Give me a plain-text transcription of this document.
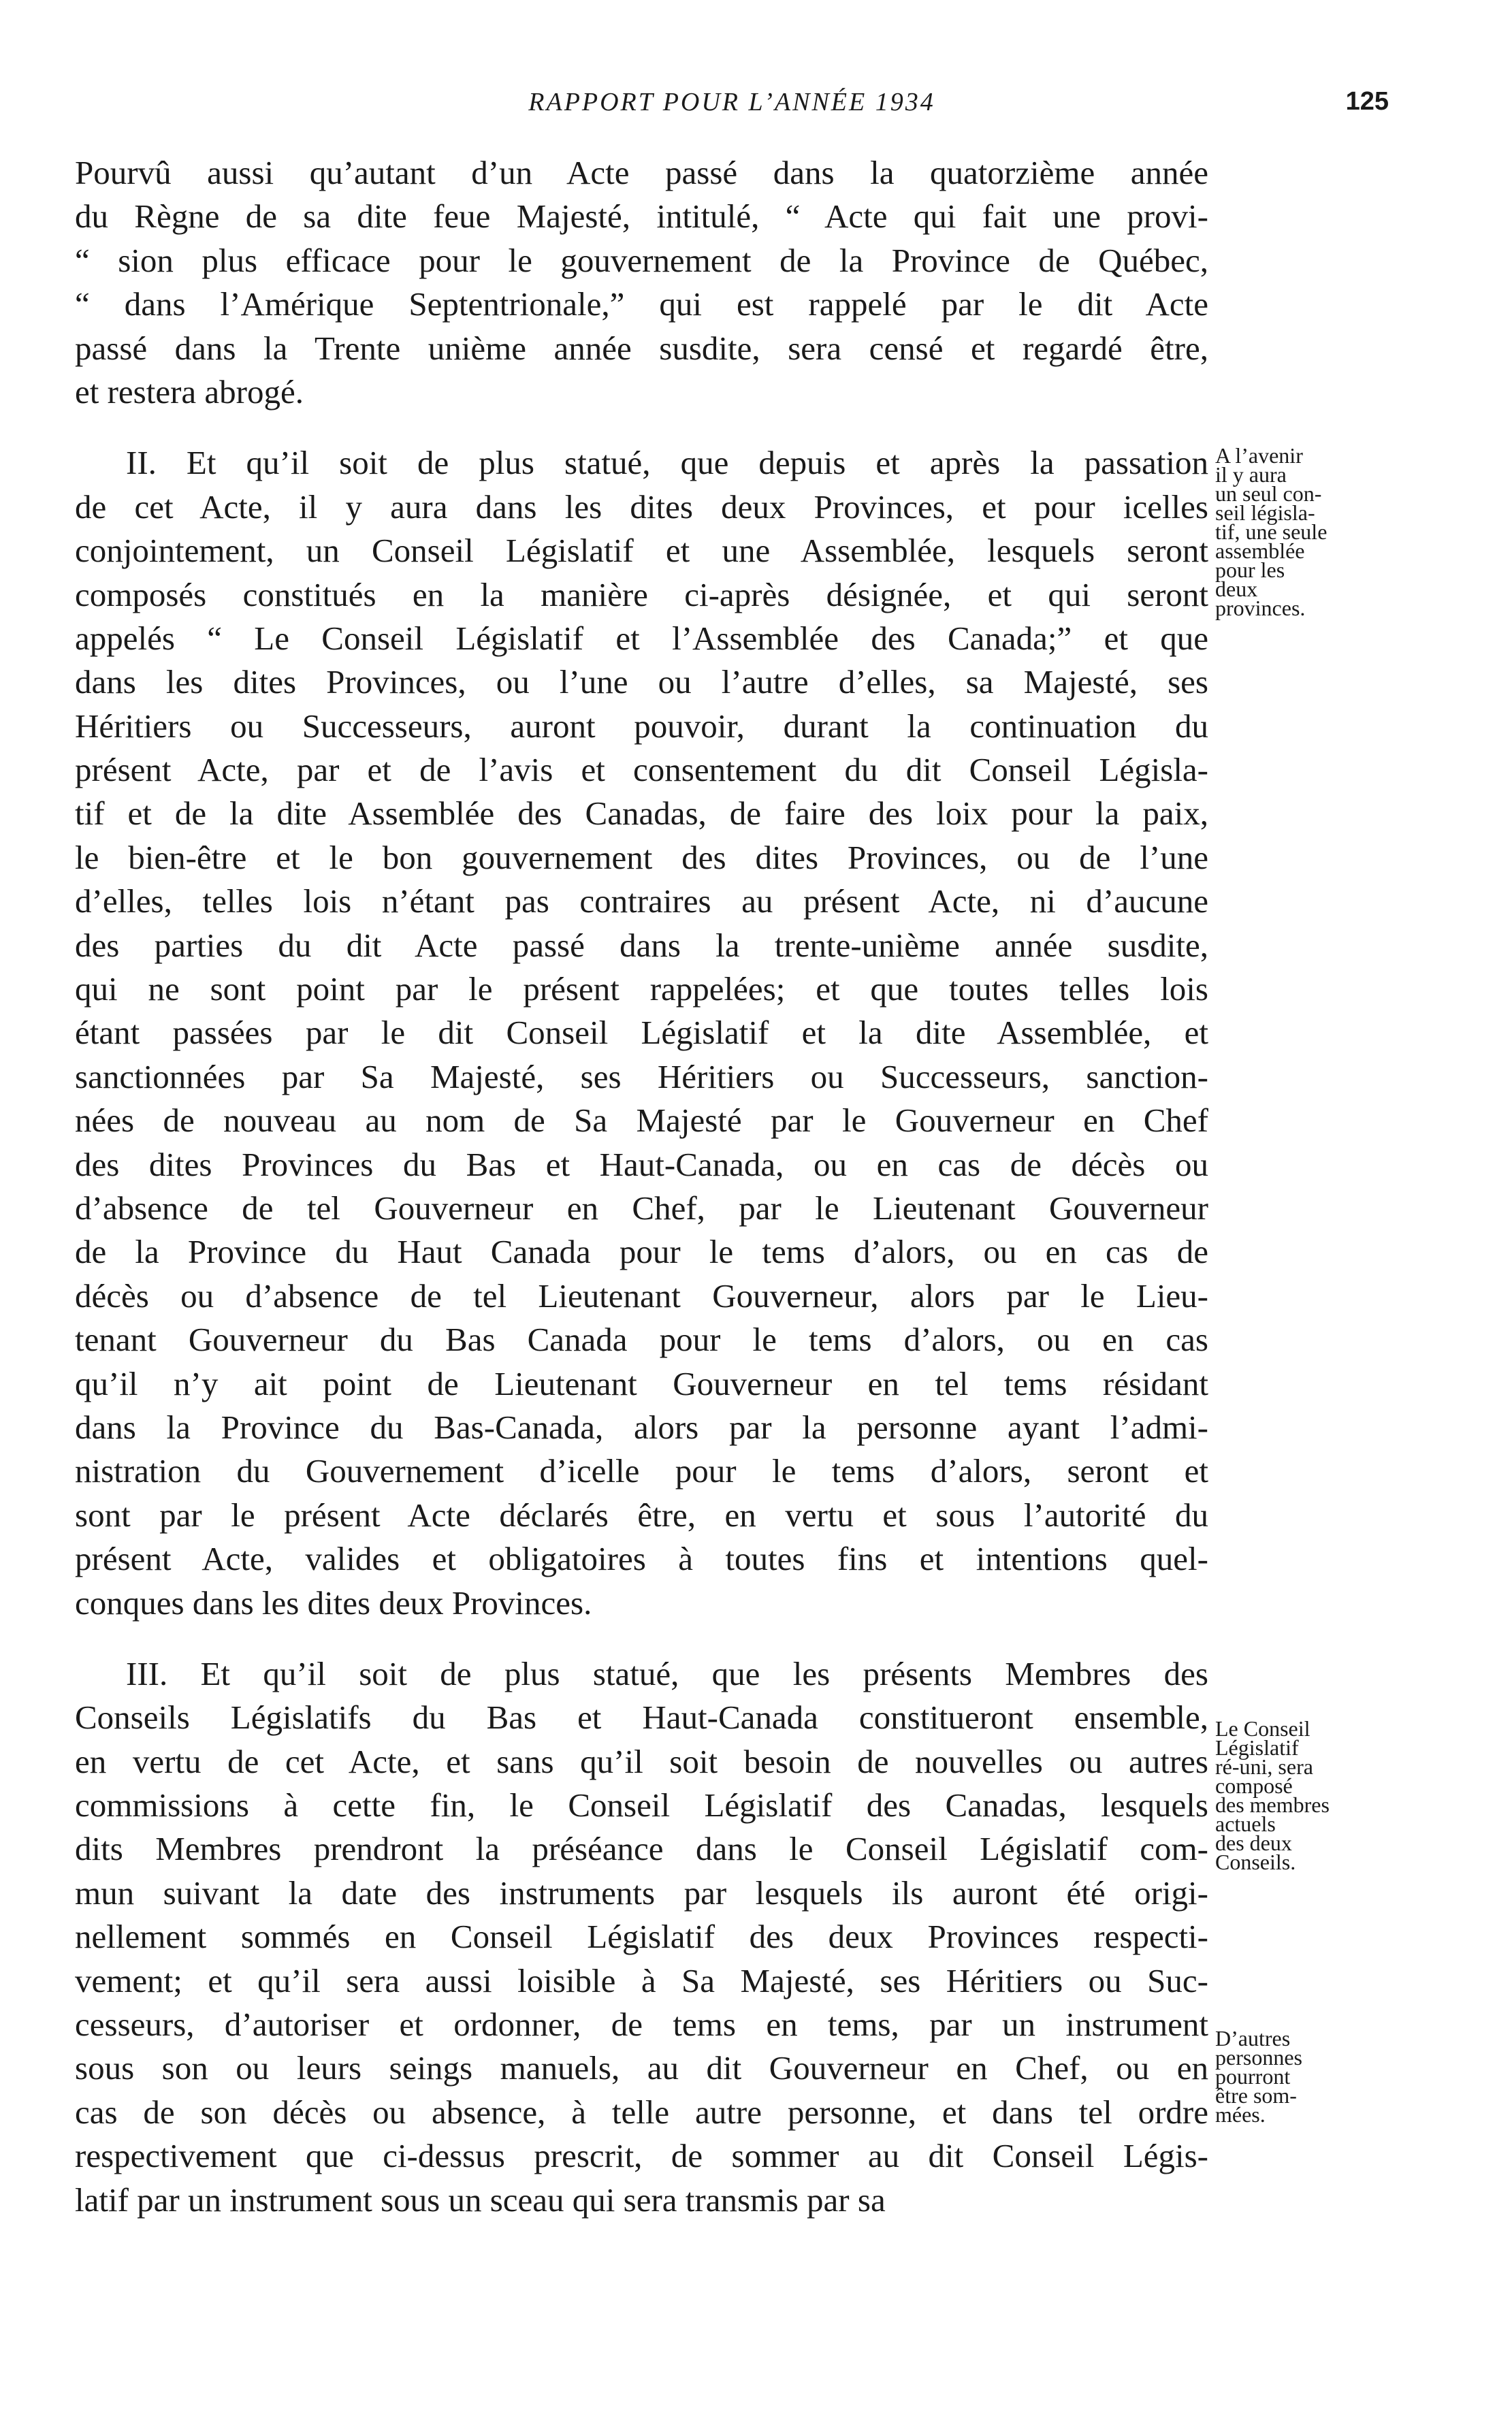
RAPPORT POUR L’ANNÉE 1934	125
Pourvû aussi qu’autant d’un Acte passé dans la quatorzième année
du Règne de sa dite feue Majesté, intitulé, “ Acte qui fait une provi-
“ sion plus efficace pour le gouvernement de la Province de Québec,
“ dans l’Amérique Septentrionale,” qui est rappelé par le dit Acte
passé dans la Trente unième année susdite, sera censé et regardé être,
et restera abrogé.
II. Et qu’il soit de plus statué, que depuis et après la passation
de cet Acte, il y aura dans les dites deux Provinces, et pour icelles
conjointement, un Conseil Législatif et une Assemblée, lesquels seront
composés constitués en la manière ci-après désignée, et qui seront
appelés “ Le Conseil Législatif et l’Assemblée des Canada;” et que
dans les dites Provinces, ou l’une ou l’autre d’elles, sa Majesté, ses
Héritiers ou Successeurs, auront pouvoir, durant la continuation du
présent Acte, par et de l’avis et consentement du dit Conseil Législa-
tif et de la dite Assemblée des Canadas, de faire des loix pour la paix,
le bien-être et le bon gouvernement des dites Provinces, ou de l’une
d’elles, telles lois n’étant pas contraires au présent Acte, ni d’aucune
des parties du dit Acte passé dans la trente-unième année susdite,
qui ne sont point par le présent rappelées; et que toutes telles lois
étant passées par le dit Conseil Législatif et la dite Assemblée, et
sanctionnées par Sa Majesté, ses Héritiers ou Successeurs, sanction-
nées de nouveau au nom de Sa Majesté par le Gouverneur en Chef
des dites Provinces du Bas et Haut-Canada, ou en cas de décès ou
d’absence de tel Gouverneur en Chef, par le Lieutenant Gouverneur
de la Province du Haut Canada pour le tems d’alors, ou en cas de
décès ou d’absence de tel Lieutenant Gouverneur, alors par le Lieu-
tenant Gouverneur du Bas Canada pour le tems d’alors, ou en cas
qu’il n’y ait point de Lieutenant Gouverneur en tel tems résidant
dans la Province du Bas-Canada, alors par la personne ayant l’admi-
nistration du Gouvernement d’icelle pour le tems d’alors, seront et
sont par le présent Acte déclarés être, en vertu et sous l’autorité du
présent Acte, valides et obligatoires à toutes fins et intentions quel-
conques dans les dites deux Provinces.
III. Et qu’il soit de plus statué, que les présents Membres des
Conseils Législatifs du Bas et Haut-Canada constitueront ensemble,
en vertu de cet Acte, et sans qu’il soit besoin de nouvelles ou autres
commissions à cette fin, le Conseil Législatif des Canadas, lesquels
dits Membres prendront la préséance dans le Conseil Législatif com-
mun suivant la date des instruments par lesquels ils auront été origi-
nellement sommés en Conseil Législatif des deux Provinces respecti-
vement; et qu’il sera aussi loisible à Sa Majesté, ses Héritiers ou Suc-
cesseurs, d’autoriser et ordonner, de tems en tems, par un instrument
sous son ou leurs seings manuels, au dit Gouverneur en Chef, ou en
cas de son décès ou absence, à telle autre personne, et dans tel ordre
respectivement que ci-dessus prescrit, de sommer au dit Conseil Légis-
latif par un instrument sous un sceau qui sera transmis par sa
A l’avenir
il y aura
un seul con-
seil législa-
tif, une seule
assemblée
pour les
deux
provinces.
Le Conseil
Législatif
ré-uni, sera
composé
des membres
actuels
des deux
Conseils.
D’autres
personnes
pourront
être som-
mées.
